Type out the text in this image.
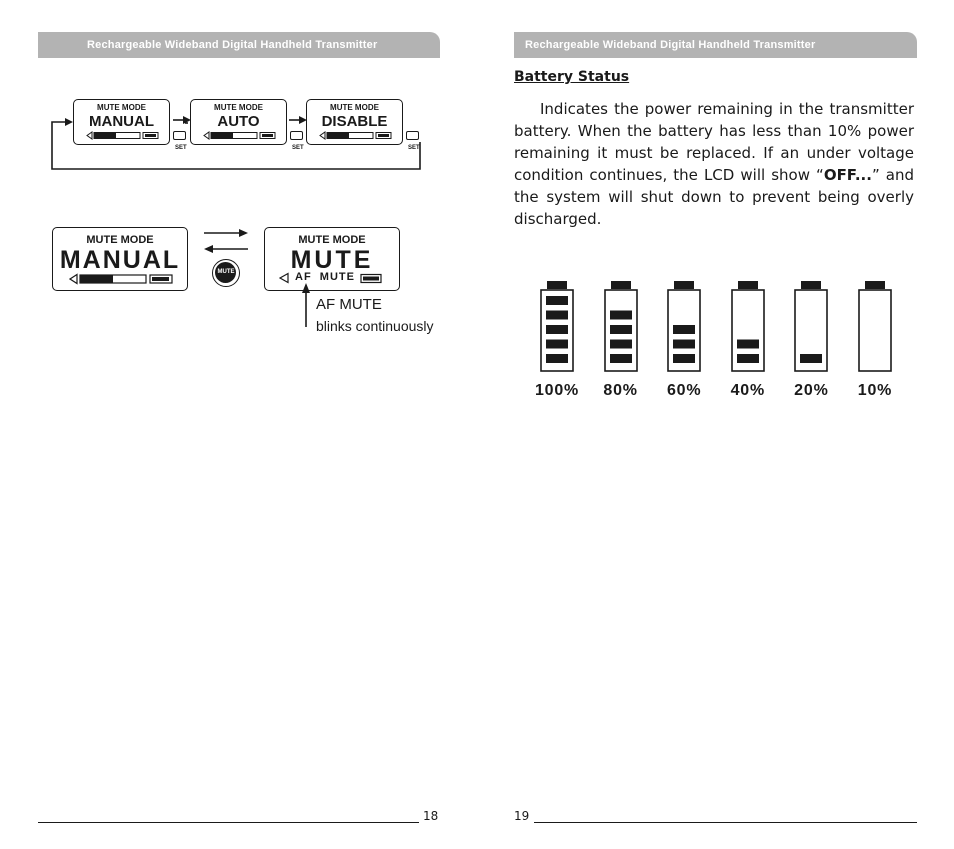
Rechargeable Wideband Digital Handheld Transmitter	Rechargeable Wideband Digital Handheld Transmitter
MUTE MODE
MANUAL
SET
MUTE MODE
AUTO
SET
MUTE MODE
DISABLE
SET
MUTE MODE
MANUAL	MUTE
MUTE MODE
MUTE
AF  MUTE
AF MUTE
blinks continuously
Battery Status
Indicates the power remaining in the transmitter battery. When the battery has less than 10% power remaining it must be replaced. If an under voltage condition continues, the LCD will show “OFF...” and the system will shut down to prevent being overly discharged.
100%	80%	60%	40%	20%	10%
18	19
